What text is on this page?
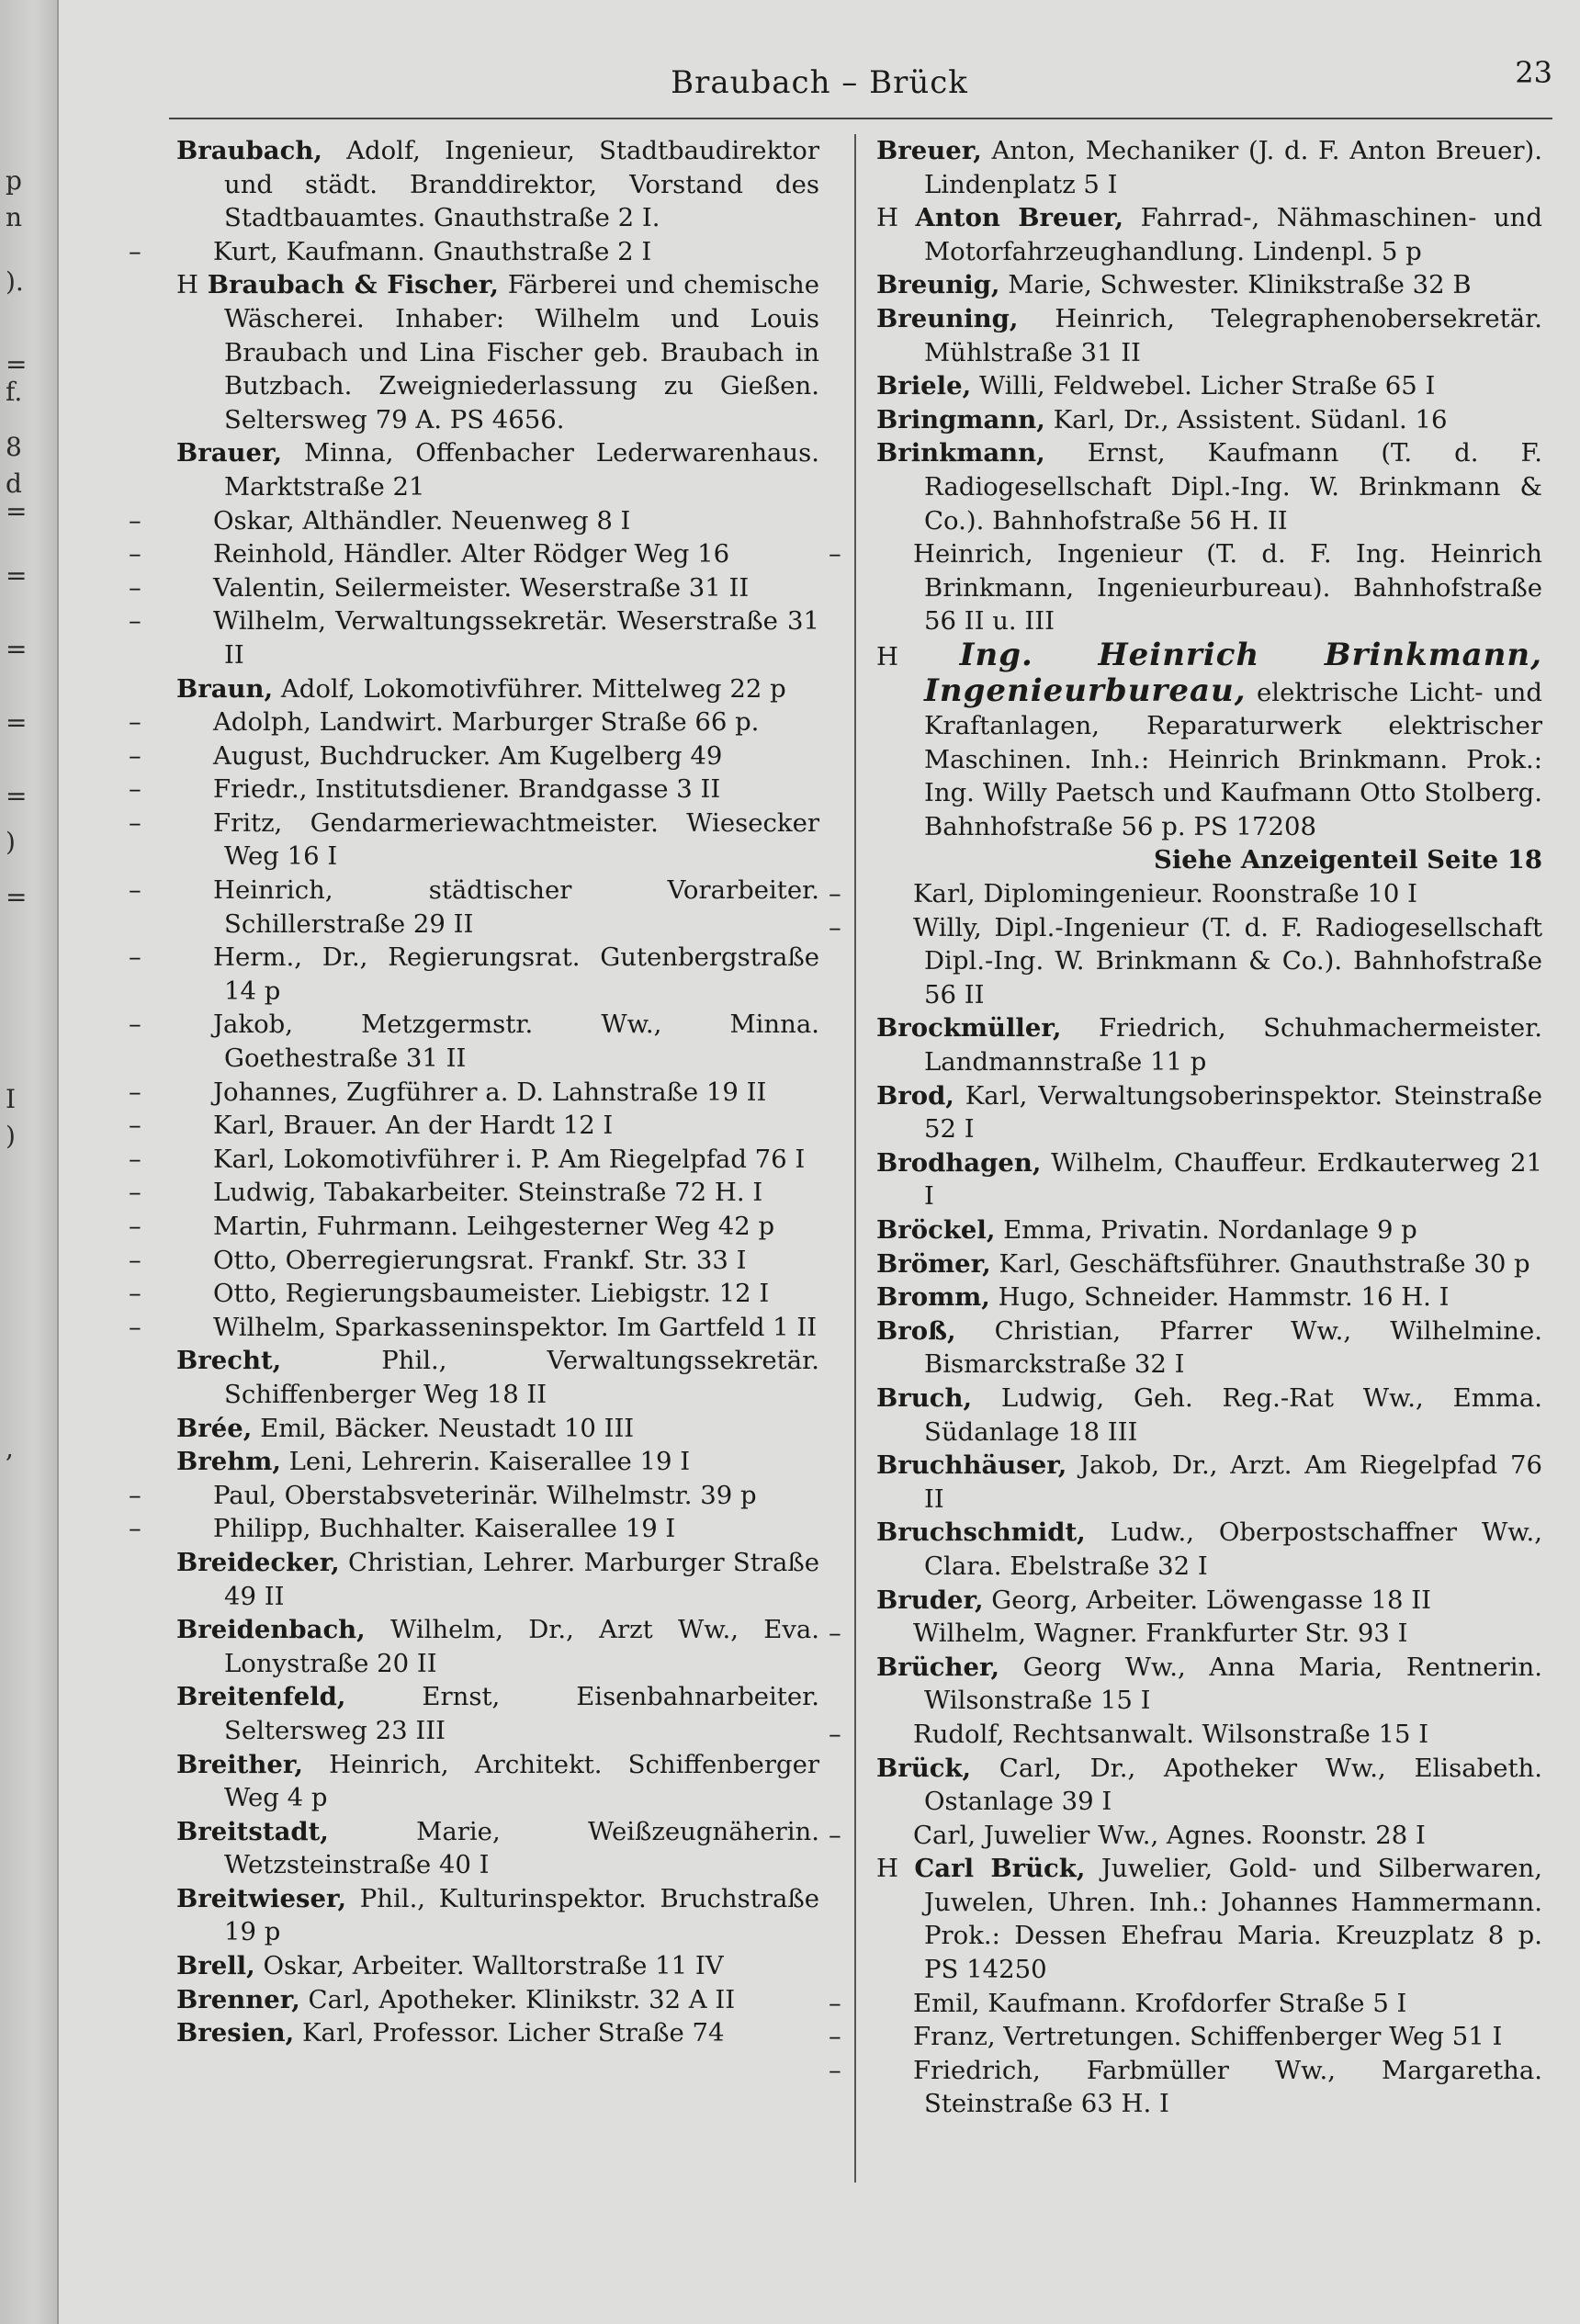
p
n
).
=
f.
8
d
=
=
=
=
=
)
=
I
)
,
Braubach – Brück	23
Braubach, Adolf, Ingenieur, Stadtbaudirektor und städt. Branddirektor, Vorstand des Stadtbauamtes. Gnauthstraße 2 I.
–	Kurt, Kaufmann. Gnauthstraße 2 I
H Braubach & Fischer, Färberei und chemische Wäscherei. Inhaber: Wilhelm und Louis Braubach und Lina Fischer geb. Braubach in Butzbach. Zweigniederlassung zu Gießen. Seltersweg 79 A. PS 4656.
Brauer, Minna, Offenbacher Lederwarenhaus. Marktstraße 21
–	Oskar, Althändler. Neuenweg 8 I
–	Reinhold, Händler. Alter Rödger Weg 16
–	Valentin, Seilermeister. Weserstraße 31 II
–	Wilhelm, Verwaltungssekretär. Weserstraße 31 II
Braun, Adolf, Lokomotivführer. Mittelweg 22 p
–	Adolph, Landwirt. Marburger Straße 66 p.
–	August, Buchdrucker. Am Kugelberg 49
–	Friedr., Institutsdiener. Brandgasse 3 II
–	Fritz, Gendarmeriewachtmeister. Wiesecker Weg 16 I
–	Heinrich, städtischer Vorarbeiter. Schillerstraße 29 II
–	Herm., Dr., Regierungsrat. Gutenbergstraße 14 p
–	Jakob, Metzgermstr. Ww., Minna. Goethestraße 31 II
–	Johannes, Zugführer a. D. Lahnstraße 19 II
–	Karl, Brauer. An der Hardt 12 I
–	Karl, Lokomotivführer i. P. Am Riegelpfad 76 I
–	Ludwig, Tabakarbeiter. Steinstraße 72 H. I
–	Martin, Fuhrmann. Leihgesterner Weg 42 p
–	Otto, Oberregierungsrat. Frankf. Str. 33 I
–	Otto, Regierungsbaumeister. Liebigstr. 12 I
–	Wilhelm, Sparkasseninspektor. Im Gartfeld 1 II
Brecht,	Phil., Verwaltungssekretär. Schiffenberger Weg 18 II
Brée, Emil, Bäcker. Neustadt 10 III
Brehm, Leni, Lehrerin. Kaiserallee 19 I
–	Paul, Oberstabsveterinär. Wilhelmstr. 39 p
–	Philipp, Buchhalter. Kaiserallee 19 I
Breidecker, Christian, Lehrer. Marburger Straße 49 II
Breidenbach, Wilhelm, Dr., Arzt Ww., Eva. Lonystraße 20 II
Breitenfeld,	Ernst, Eisenbahnarbeiter. Seltersweg 23 III
Breither, Heinrich, Architekt. Schiffenberger Weg 4 p
Breitstadt,	Marie, Weißzeugnäherin. Wetzsteinstraße 40 I
Breitwieser, Phil., Kulturinspektor. Bruchstraße 19 p
Brell, Oskar, Arbeiter. Walltorstraße 11 IV
Brenner, Carl, Apotheker. Klinikstr. 32 A II
Bresien, Karl, Professor. Licher Straße 74
Breuer, Anton, Mechaniker (J. d. F. Anton Breuer). Lindenplatz 5 I
H Anton Breuer, Fahrrad-, Nähmaschinen- und Motorfahrzeughandlung. Lindenpl. 5 p
Breunig, Marie, Schwester. Klinikstraße 32 B
Breuning, Heinrich, Telegraphenobersekretär. Mühlstraße 31 II
Briele, Willi, Feldwebel. Licher Straße 65 I
Bringmann, Karl, Dr., Assistent. Südanl. 16
Brinkmann, Ernst, Kaufmann (T. d. F. Radiogesellschaft Dipl.-Ing. W. Brinkmann & Co.). Bahnhofstraße 56 H. II
–	Heinrich, Ingenieur (T. d. F. Ing. Heinrich Brinkmann, Ingenieurbureau). Bahnhofstraße 56 II u. III
H Ing. Heinrich Brinkmann, Ingenieurbureau, elektrische Licht- und Kraftanlagen, Reparaturwerk elektrischer Maschinen. Inh.: Heinrich Brinkmann. Prok.: Ing. Willy Paetsch und Kaufmann Otto Stolberg. Bahnhofstraße 56 p. PS 17208
Siehe Anzeigenteil Seite 18
–	Karl, Diplomingenieur. Roonstraße 10 I
–	Willy, Dipl.-Ingenieur (T. d. F. Radiogesellschaft Dipl.-Ing. W. Brinkmann & Co.). Bahnhofstraße 56 II
Brockmüller, Friedrich, Schuhmachermeister. Landmannstraße 11 p
Brod, Karl, Verwaltungsoberinspektor. Steinstraße 52 I
Brodhagen, Wilhelm, Chauffeur. Erdkauterweg 21 I
Bröckel, Emma, Privatin. Nordanlage 9 p
Brömer, Karl, Geschäftsführer. Gnauthstraße 30 p
Bromm, Hugo, Schneider. Hammstr. 16 H. I
Broß, Christian, Pfarrer Ww., Wilhelmine. Bismarckstraße 32 I
Bruch, Ludwig, Geh. Reg.-Rat Ww., Emma. Südanlage 18 III
Bruchhäuser, Jakob, Dr., Arzt. Am Riegelpfad 76 II
Bruchschmidt, Ludw., Oberpostschaffner Ww., Clara. Ebelstraße 32 I
Bruder, Georg, Arbeiter. Löwengasse 18 II
–	Wilhelm, Wagner. Frankfurter Str. 93 I
Brücher, Georg Ww., Anna Maria, Rentnerin. Wilsonstraße 15 I
–	Rudolf, Rechtsanwalt. Wilsonstraße 15 I
Brück, Carl, Dr., Apotheker Ww., Elisabeth. Ostanlage 39 I
–	Carl, Juwelier Ww., Agnes. Roonstr. 28 I
H Carl Brück, Juwelier, Gold- und Silberwaren, Juwelen, Uhren. Inh.: Johannes Hammermann. Prok.: Dessen Ehefrau Maria. Kreuzplatz 8 p. PS 14250
–	Emil, Kaufmann. Krofdorfer Straße 5 I
–	Franz, Vertretungen. Schiffenberger Weg 51 I
–	Friedrich, Farbmüller Ww., Margaretha. Steinstraße 63 H. I
